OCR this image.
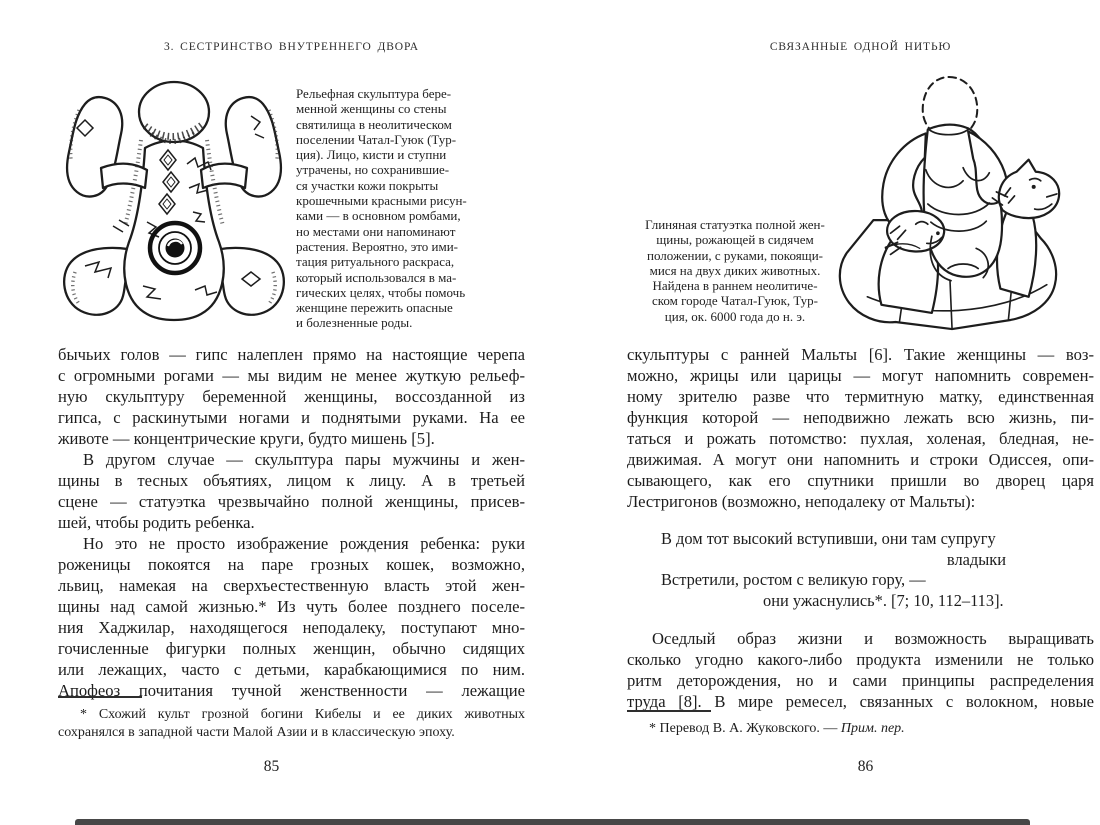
3. СЕСТРИНСТВО ВНУТРЕННЕГО ДВОРА
Рельефная скульптура бере-
менной женщины со стены
святилища в неолитическом
поселении Чатал-Гуюк (Тур-
ция). Лицо, кисти и ступни
утрачены, но сохранившие-
ся участки кожи покрыты
крошечными красными рисун-
ками — в основном ромбами,
но местами они напоминают
растения. Вероятно, это ими-
тация ритуального раскраса,
который использовался в ма-
гических целях, чтобы помочь
женщине пережить опасные
и болезненные роды.
бычьих голов — гипс налеплен прямо на настоящие черепа
с огромными рогами — мы видим не менее жуткую рельеф-
ную скульптуру беременной женщины, воссозданной из
гипса, с раскинутыми ногами и поднятыми руками. На ее
животе — концентрические круги, будто мишень [5].
В другом случае — скульптура пары мужчины и жен-
щины в тесных объятиях, лицом к лицу. А в третьей
сцене — статуэтка чрезвычайно полной женщины, присев-
шей, чтобы родить ребенка.
Но это не просто изображение рождения ребенка: руки
роженицы покоятся на паре грозных кошек, возможно,
львиц, намекая на сверхъестественную власть этой жен-
щины над самой жизнью.* Из чуть более позднего поселе-
ния Хаджилар, находящегося неподалеку, поступают мно-
гочисленные фигурки полных женщин, обычно сидящих
или лежащих, часто с детьми, карабкающимися по ним.
Апофеоз почитания тучной женственности — лежащие
* Схожий культ грозной богини Кибелы и ее диких животных
сохранялся в западной части Малой Азии и в классическую эпоху.
85
СВЯЗАННЫЕ ОДНОЙ НИТЬЮ
Глиняная статуэтка полной жен-
щины, рожающей в сидячем
положении, с руками, покоящи-
мися на двух диких животных.
Найдена в раннем неолитиче-
ском городе Чатал-Гуюк, Тур-
ция, ок. 6000 года до н. э.
скульптуры с ранней Мальты [6]. Такие женщины — воз-
можно, жрицы или царицы — могут напомнить современ-
ному зрителю разве что термитную матку, единственная
функция которой — неподвижно лежать всю жизнь, пи-
таться и рожать потомство: пухлая, холеная, бледная, не-
движимая. А могут они напомнить и строки Одиссея, опи-
сывающего, как его спутники пришли во дворец царя
Лестригонов (возможно, неподалеку от Мальты):
В дом тот высокий вступивши, они там супругу
владыки
Встретили, ростом с великую гору, —
они ужаснулись*. [7; 10, 112–113].
Оседлый образ жизни и возможность выращивать
сколько угодно какого-либо продукта изменили не только
ритм деторождения, но и сами принципы распределения
труда [8]. В мире ремесел, связанных с волокном, новые
* Перевод В. А. Жуковского. — Прим. пер.
86
